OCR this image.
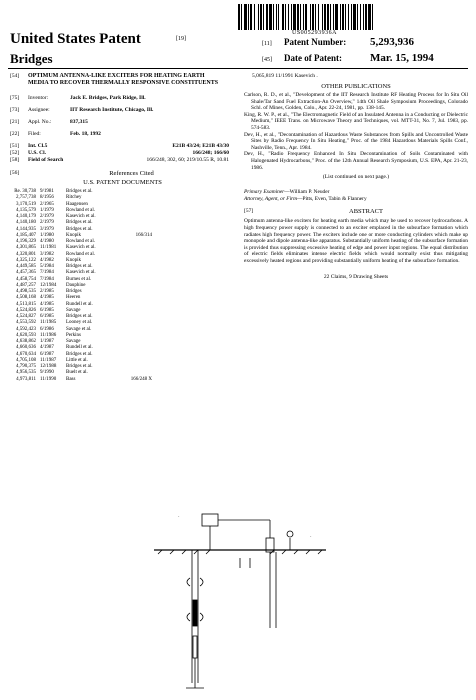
US005293936A
United States Patent	[19]
Bridges
[11] Patent Number: 5,293,936
[45] Date of Patent:	Mar. 15, 1994
[54]	OPTIMUM ANTENNA-LIKE EXCITERS FOR HEATING EARTH MEDIA TO RECOVER THERMALLY RESPONSIVE CONSTITUENTS
[75]	Inventor:	Jack E. Bridges, Park Ridge, Ill.
[73]	Assignee:	IIT Research Institute, Chicago, Ill.
[21]	Appl. No.:	837,315
[22]	Filed:	Feb. 18, 1992
[51]	Int. Cl.5	E21B 43/24; E21B 43/30
[52]	U.S. Cl.	166/248; 166/60
[58]	Field of Search	166/248, 302, 60; 219/10.55 R, 10.81
[56]	References Cited
U.S. PATENT DOCUMENTS
Re. 30,738 9/1981 Bridges et al.
2,757,738 8/1956 Ritchey
3,170,519 2/1965 Haagensen
4,135,579 1/1979 Rowland et al.
4,140,179 2/1979 Kasevich et al.
4,140,180 2/1979 Bridges et al.
4,144,935 3/1979 Bridges et al.
4,185,407 1/1980 Knopik	166/314
4,196,329 4/1980 Rowland et al.
4,301,865 11/1981 Kasevich et al.
4,320,801 3/1982 Rowland et al.
4,325,122 4/1982 Knopik
4,449,585 5/1984 Bridges et al.
4,457,365 7/1984 Kasevich et al.
4,458,754 7/1984 Burnes et al.
4,487,257 12/1984 Dauphine
4,498,535 2/1985 Bridges
4,508,168 4/1985 Heeren
4,513,815 4/1985 Rundell et al.
4,524,826 6/1985 Savage
4,524,827 6/1985 Bridges et al.
4,553,592 11/1985 Looney et al.
4,592,423 6/1986 Savage et al.
4,620,593 11/1986 Perkins
4,638,862 1/1987 Savage
4,660,636 4/1987 Rundell et al.
4,670,634 6/1987 Bridges et al.
4,705,108 11/1987 Little et al.
4,790,375 12/1988 Bridges et al.
4,956,535 9/1990 Buelt et al.
4,973,811 11/1990 Bass	166/248 X
5,065,819 11/1991 Kasevich .
OTHER PUBLICATIONS
Carlson, R. D., et al., "Development of the IIT Research Institute RF Heating Process for In Situ Oil Shale/Tar Sand Fuel Extraction-An Overview," 14th Oil Shale Symposium Proceedings, Colorado Schl. of Mines, Golden, Colo., Apr. 22-24, 1981, pp. 138-145.
King, R. W. P., et al., "The Electromagnetic Field of an Insulated Antenna in a Conducting or Dielectric Medium," IEEE Trans. on Microwave Theory and Techniques, vol. MTT-31, No. 7, Jul. 1983, pp. 574-583.
Dev, H., et al., "Decontamination of Hazardous Waste Substances from Spills and Uncontrolled Waste Sites by Radio Frequency In Situ Heating," Proc. of the 1984 Hazardous Materials Spills Conf., Nashville, Tenn., Apr. 1984.
Dev, H., "Radio Frequency Enhanced In Situ Decontamination of Soils Contaminated with Halogenated Hydrocarbons," Proc. of the 12th Annual Research Symposium, U.S. EPA, Apr. 21-23, 1986.
(List continued on next page.)
Primary Examiner—William P. Neuder
Attorney, Agent, or Firm—Pitts, Even, Tabin & Flannery
[57]	ABSTRACT
Optimum antenna-like exciters for heating earth media which may be used to recover hydrocarbons. A high frequency power supply is connected to an exciter emplaced in the subsurface formation which radiates high frequency power. The exciters include one or more conducting cylinders which make up monopole and dipole antenna-like apparatus. Substantially uniform heating of the subsurface formation is provided thus suppressing excessive heating of edge and power input regions. The equal distribution of electric fields eliminates intense electric fields which would normally exist thus mitigating excessively heated regions and providing substantially uniform heating of the subsurface formation.
22 Claims, 9 Drawing Sheets
·
·
